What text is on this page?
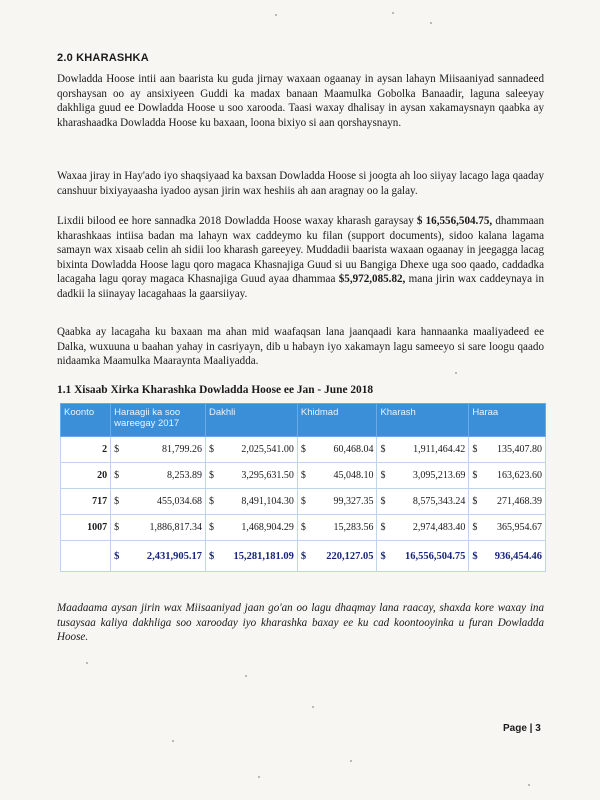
2.0 KHARASHKA

Dowladda Hoose intii aan baarista ku guda jirnay waxaan ogaanay in aysan lahayn Miisaaniyad sannadeed qorshaysan oo ay ansixiyeen Guddi ka madax banaan Maamulka Gobolka Banaadir, laguna saleeyay dakhliga guud ee Dowladda Hoose u soo xarooda. Taasi waxay dhalisay in aysan xakamaysnayn qaabka ay kharashaadka Dowladda Hoose ku baxaan, loona bixiyo si aan qorshaysnayn.

Waxaa jiray in Hay'ado iyo shaqsiyaad ka baxsan Dowladda Hoose si joogta ah loo siiyay lacago laga qaaday canshuur bixiyayaasha iyadoo aysan jirin wax heshiis ah aan aragnay oo la galay.

Lixdii bilood ee hore sannadka 2018 Dowladda Hoose waxay kharash garaysay $ 16,556,504.75, dhammaan kharashkaas intiisa badan ma lahayn wax caddeymo ku filan (support documents), sidoo kalana lagama samayn wax xisaab celin ah sidii loo kharash gareeyey. Muddadii baarista waxaan ogaanay in jeegagga lacag bixinta Dowladda Hoose lagu qoro magaca Khasnajiga Guud si uu Bangiga Dhexe uga soo qaado, caddadka lacagaha lagu qoray magaca Khasnajiga Guud ayaa dhammaa $5,972,085.82, mana jirin wax caddeynaya in dadkii la siinayay lacagahaas la gaarsiiyay.

Qaabka ay lacagaha ku baxaan ma ahan mid waafaqsan lana jaanqaadi kara hannaanka maaliyadeed ee Dalka, wuxuuna u baahan yahay in casriyayn, dib u habayn iyo xakamayn lagu sameeyo si sare loogu qaado nidaamka Maamulka Maaraynta Maaliyadda.

1.1 Xisaab Xirka Kharashka Dowladda Hoose ee Jan - June 2018
Koonto	Haraagii ka soo wareegay 2017	Dakhli	Khidmad	Kharash	Haraa
2	$ 81,799.26	$ 2,025,541.00	$ 60,468.04	$ 1,911,464.42	$ 135,407.80

20	$ 8,253.89	$ 3,295,631.50	$ 45,048.10	$ 3,095,213.69	$ 163,623.60

717	$ 455,034.68	$ 8,491,104.30	$ 99,327.35	$ 8,575,343.24	$ 271,468.39

1007	$ 1,886,817.34	$ 1,468,904.29	$ 15,283.56	$ 2,974,483.40	$ 365,954.67

	$ 2,431,905.17	$ 15,281,181.09	$ 220,127.05	$ 16,556,504.75	$ 936,454.46

Maadaama aysan jirin wax Miisaaniyad jaan go'an oo lagu dhaqmay lana raacay, shaxda kore waxay ina tusaysaa kaliya dakhliga soo xarooday iyo kharashka baxay ee ku cad koontooyinka u furan Dowladda Hoose.

Page | 3
